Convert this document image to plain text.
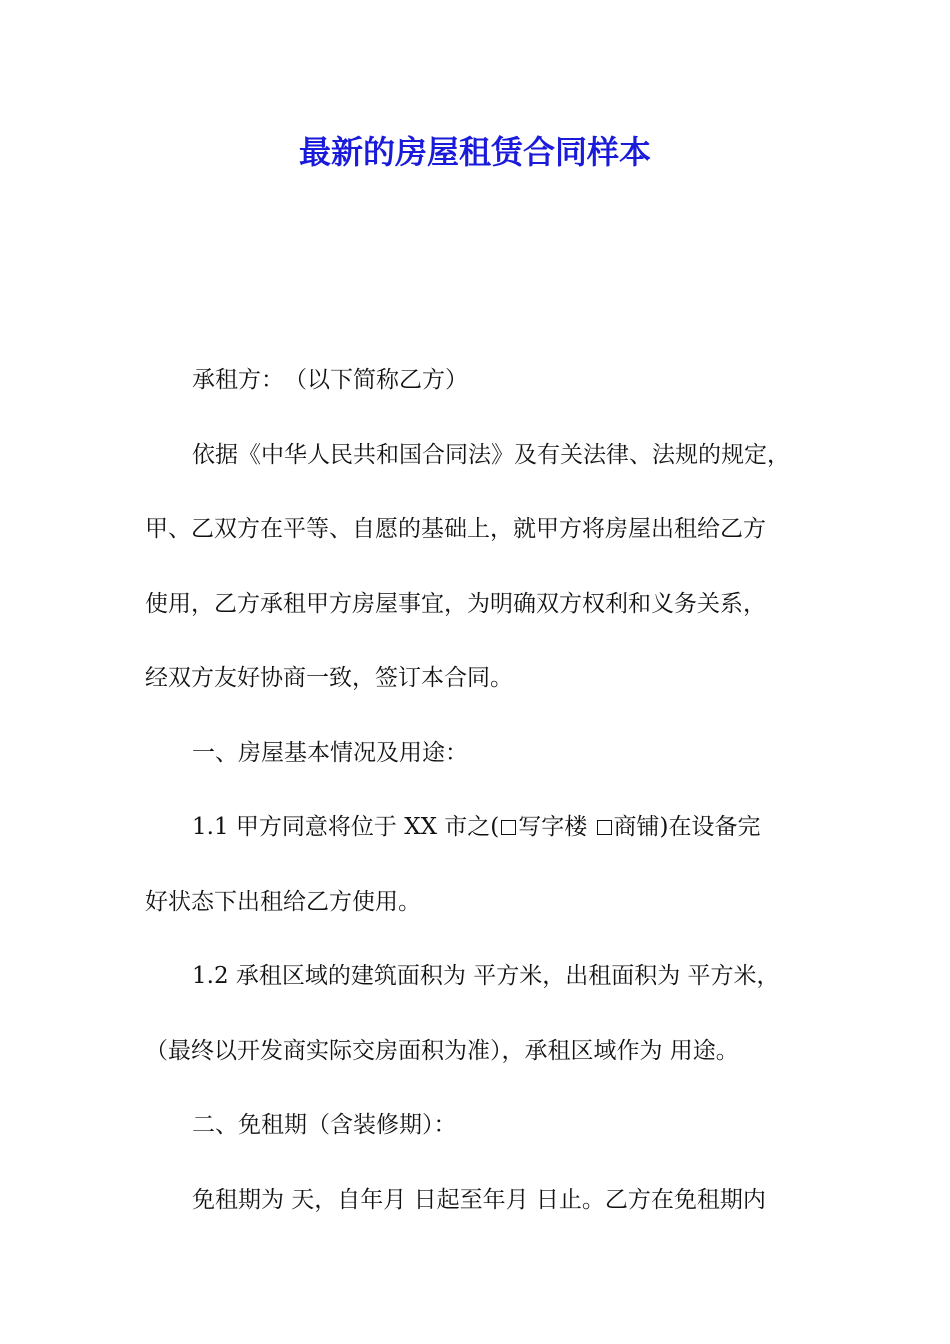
最新的房屋租赁合同样本

承租方：　（以下简称乙方）

依据《中华人民共和国合同法》及有关法律、法规的规定，
甲、乙双方在平等、自愿的基础上，就甲方将房屋出租给乙方
使用，乙方承租甲方房屋事宜，为明确双方权利和义务关系，
经双方友好协商一致，签订本合同。

一、房屋基本情况及用途：

1.1 甲方同意将位于 XX 市之( 写字楼 商铺)在设备完
好状态下出租给乙方使用。

1.2 承租区域的建筑面积为 平方米，出租面积为 平方米，
（最终以开发商实际交房面积为准），承租区域作为 用途。

二、免租期（含装修期）：

免租期为 天，自年月 日起至年月 日止。乙方在免租期内
